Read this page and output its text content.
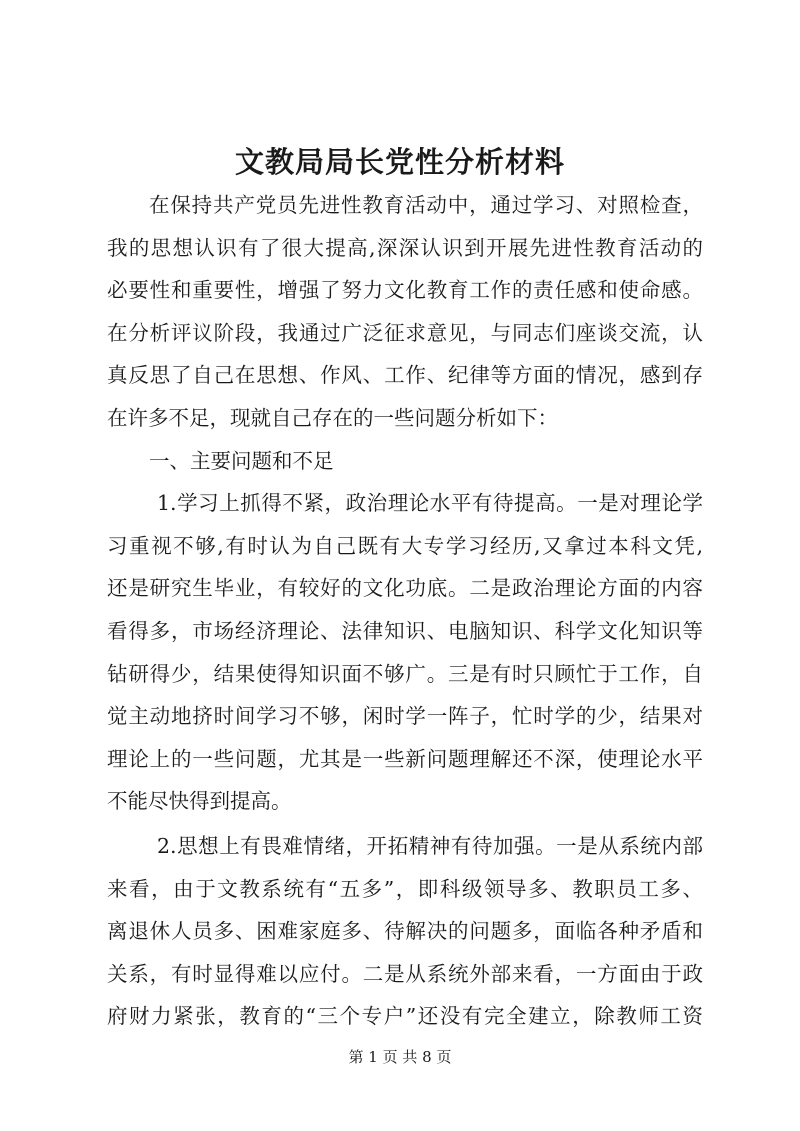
文教局局长党性分析材料
在保持共产党员先进性教育活动中，通过学习、对照检查，
我的思想认识有了很大提高,深深认识到开展先进性教育活动的
必要性和重要性，增强了努力文化教育工作的责任感和使命感。
在分析评议阶段，我通过广泛征求意见，与同志们座谈交流，认
真反思了自己在思想、作风、工作、纪律等方面的情况，感到存
在许多不足，现就自己存在的一些问题分析如下：
一、主要问题和不足
1.学习上抓得不紧，政治理论水平有待提高。一是对理论学
习重视不够,有时认为自己既有大专学习经历,又拿过本科文凭,
还是研究生毕业，有较好的文化功底。二是政治理论方面的内容
看得多，市场经济理论、法律知识、电脑知识、科学文化知识等
钻研得少，结果使得知识面不够广。三是有时只顾忙于工作，自
觉主动地挤时间学习不够，闲时学一阵子，忙时学的少，结果对
理论上的一些问题，尤其是一些新问题理解还不深，使理论水平
不能尽快得到提高。
2.思想上有畏难情绪，开拓精神有待加强。一是从系统内部
来看，由于文教系统有“五多”，即科级领导多、教职员工多、
离退休人员多、困难家庭多、待解决的问题多，面临各种矛盾和
关系，有时显得难以应付。二是从系统外部来看，一方面由于政
府财力紧张，教育的“三个专户”还没有完全建立，除教师工资
第 1 页 共 8 页
